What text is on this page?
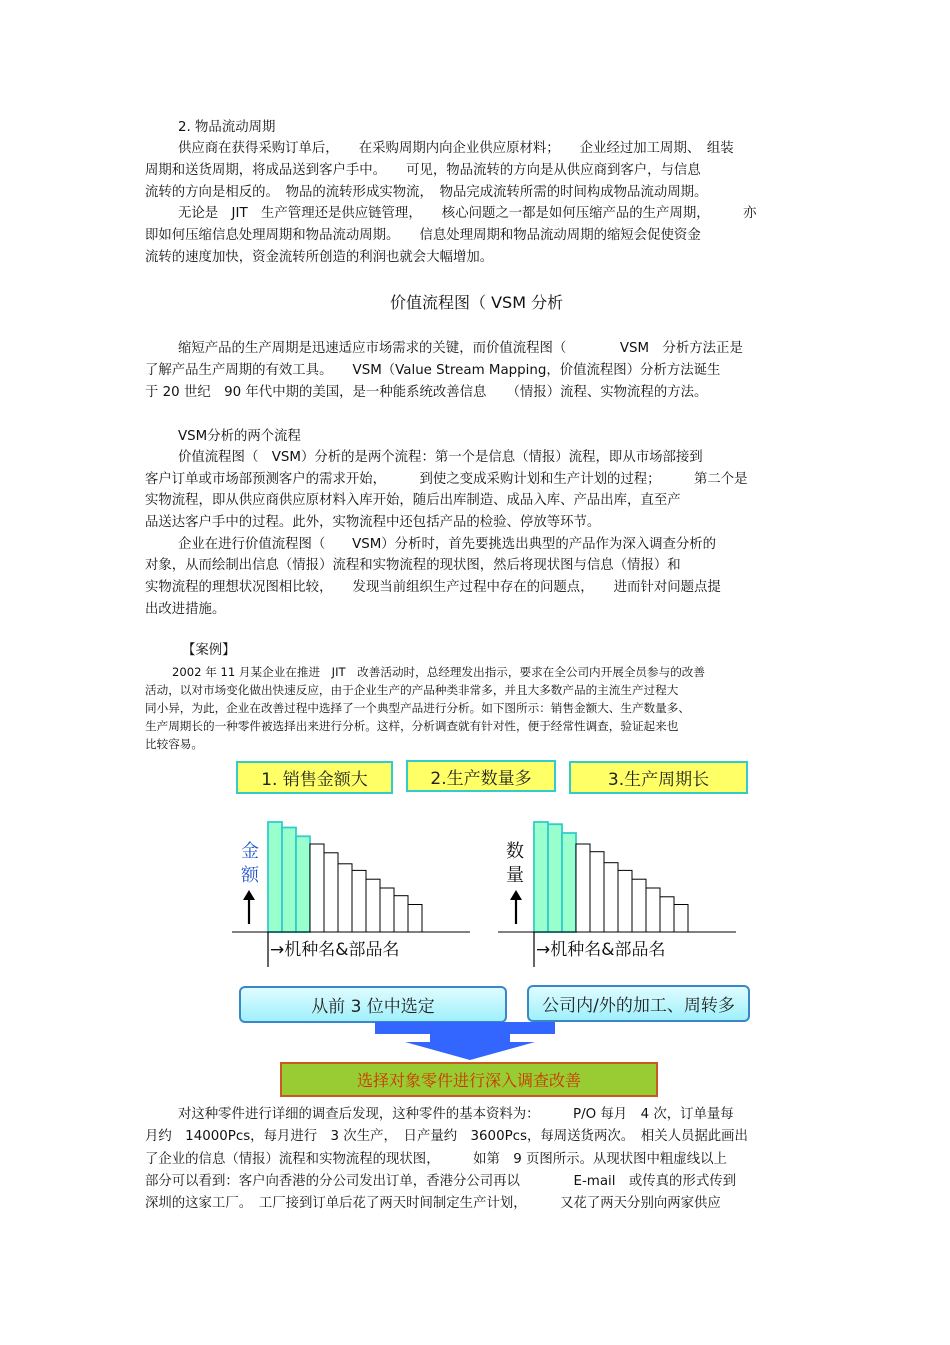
2. 物品流动周期
供应商在获得采购订单后，　　在采购周期内向企业供应原材料；　　企业经过加工周期、　组装
周期和送货周期，将成品送到客户手中。　　可见，物品流转的方向是从供应商到客户，与信息
流转的方向是相反的。　物品的流转形成实物流，　物品完成流转所需的时间构成物品流动周期。
无论是　JIT　生产管理还是供应链管理，　　核心问题之一都是如何压缩产品的生产周期，　　　亦
即如何压缩信息处理周期和物品流动周期。　　信息处理周期和物品流动周期的缩短会促使资金
流转的速度加快，资金流转所创造的利润也就会大幅增加。
价值流程图（ VSM 分析
缩短产品的生产周期是迅速适应市场需求的关键，而价值流程图（　　　　VSM　分析方法正是
了解产品生产周期的有效工具。　　VSM（Value Stream Mapping，价值流程图）分析方法诞生
于 20 世纪　90 年代中期的美国，是一种能系统改善信息　　（情报）流程、实物流程的方法。
VSM分析的两个流程
价值流程图（　VSM）分析的是两个流程：第一个是信息（情报）流程，即从市场部接到
客户订单或市场部预测客户的需求开始，　　　到使之变成采购计划和生产计划的过程；　　　第二个是
实物流程，即从供应商供应原材料入库开始，随后出库制造、成品入库、产品出库，直至产
品送达客户手中的过程。此外，实物流程中还包括产品的检验、停放等环节。
企业在进行价值流程图（　　VSM）分析时，首先要挑选出典型的产品作为深入调查分析的
对象，从而绘制出信息（情报）流程和实物流程的现状图，然后将现状图与信息（情报）和
实物流程的理想状况图相比较，　　发现当前组织生产过程中存在的问题点，　　进而针对问题点提
出改进措施。
【案例】
2002 年 11 月某企业在推进　JIT　改善活动时，总经理发出指示，要求在全公司内开展全员参与的改善
活动，以对市场变化做出快速反应，由于企业生产的产品种类非常多，并且大多数产品的主流生产过程大
同小异，为此，企业在改善过程中选择了一个典型产品进行分析。如下图所示：销售金额大、生产数量多、
生产周期长的一种零件被选择出来进行分析。这样，分析调查就有针对性，便于经常性调查，验证起来也
比较容易。
1. 销售金额大	2.生产数量多	3.生产周期长
金
额
→机种名&部品名
数
量
→机种名&部品名
从前 3 位中选定	公司内/外的加工、周转多
选择对象零件进行深入调查改善
对这种零件进行详细的调查后发现，这种零件的基本资料为：　　　P/O 每月　4 次，订单量每
月约　14000Pcs，每月进行　3 次生产，　日产量约　3600Pcs，每周送货两次。　相关人员据此画出
了企业的信息（情报）流程和实物流程的现状图，　　　如第　9 页图所示。从现状图中粗虚线以上
部分可以看到：客户向香港的分公司发出订单，香港分公司再以　　　　E-mail　或传真的形式传到
深圳的这家工厂。　工厂接到订单后花了两天时间制定生产计划，　　　又花了两天分别向两家供应
